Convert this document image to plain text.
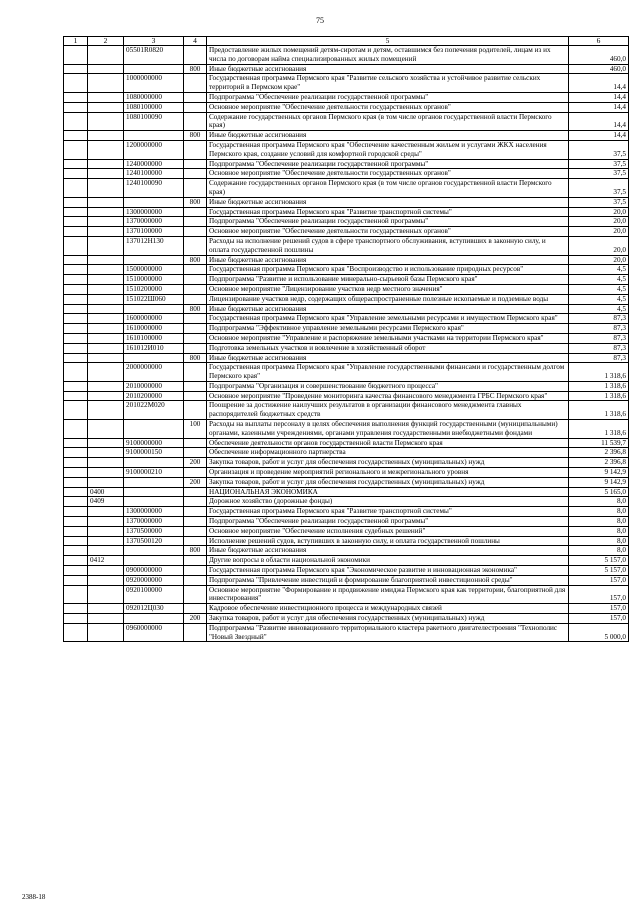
75
1	2	3	4	5	6
		05501R0820		Предоставление жилых помещений детям-сиротам и детям, оставшимся без попечения родителей, лицам из их числа по договорам найма специализированных жилых помещений	460,0
			800	Иные бюджетные ассигнования	460,0
		1000000000		Государственная программа Пермского края "Развитие сельского хозяйства и устойчивое развитие сельских территорий в Пермском крае"	14,4
		1080000000		Подпрограмма "Обеспечение реализации государственной программы"	14,4
		1080100000		Основное мероприятие "Обеспечение деятельности государственных органов"	14,4
		1080100090		Содержание государственных органов Пермского края (в том числе органов государственной власти Пермского края)	14,4
			800	Иные бюджетные ассигнования	14,4
		1200000000		Государственная программа Пермского края "Обеспечение качественным жильем и услугами ЖКХ населения Пермского края, создание условий для комфортной городской среды"	37,5
		1240000000		Подпрограмма "Обеспечение реализации государственной программы"	37,5
		1240100000		Основное мероприятие "Обеспечение деятельности государственных органов"	37,5
		1240100090		Содержание государственных органов Пермского края (в том числе органов государственной власти Пермского края)	37,5
			800	Иные бюджетные ассигнования	37,5
		1300000000		Государственная программа Пермского края "Развитие транспортной системы"	20,0
		1370000000		Подпрограмма "Обеспечение реализации государственной программы"	20,0
		1370100000		Основное мероприятие "Обеспечение деятельности государственных органов"	20,0
		137012Н130		Расходы на исполнение решений судов в сфере транспортного обслуживания, вступивших в законную силу, и оплата государственной пошлины	20,0
			800	Иные бюджетные ассигнования	20,0
		1500000000		Государственная программа Пермского края "Воспроизводство и использование природных ресурсов"	4,5
		1510000000		Подпрограмма "Развитие и использование минерально-сырьевой базы Пермского края"	4,5
		1510200000		Основное мероприятие "Лицензирование участков недр местного значения"	4,5
		151022Ш060		Лицензирование участков недр, содержащих общераспространенные полезные ископаемые и подземные воды	4,5
			800	Иные бюджетные ассигнования	4,5
		1600000000		Государственная программа Пермского края "Управление земельными ресурсами и имуществом Пермского края"	87,3
		1610000000		Подпрограмма "Эффективное управление земельными ресурсами Пермского края"	87,3
		1610100000		Основное мероприятие "Управление и распоряжение земельными участками на территории Пермского края"	87,3
		161012И010		Подготовка земельных участков и вовлечение в хозяйственный оборот	87,3
			800	Иные бюджетные ассигнования	87,3
		2000000000		Государственная программа Пермского края "Управление государственными финансами и государственным долгом Пермского края"	1 318,6
		2010000000		Подпрограмма "Организация и совершенствование бюджетного процесса"	1 318,6
		2010200000		Основное мероприятие "Проведение мониторинга качества финансового менеджмента ГРБС Пермского края"	1 318,6
		201022М020		Поощрение за достижение наилучших результатов в организации финансового менеджмента главных распорядителей бюджетных средств	1 318,6
			100	Расходы на выплаты персоналу в целях обеспечения выполнения функций государственными (муниципальными) органами, казенными учреждениями, органами управления государственными внебюджетными фондами	1 318,6
		9100000000		Обеспечение деятельности органов государственной власти Пермского края	11 539,7
		9100000150		Обеспечение информационного партнерства	2 396,8
			200	Закупка товаров, работ и услуг для обеспечения государственных (муниципальных) нужд	2 396,8
		9100000210		Организация и проведение мероприятий регионального и межрегионального уровня	9 142,9
			200	Закупка товаров, работ и услуг для обеспечения государственных (муниципальных) нужд	9 142,9
	0400			НАЦИОНАЛЬНАЯ ЭКОНОМИКА	5 165,0
	0409			Дорожное хозяйство (дорожные фонды)	8,0
		1300000000		Государственная программа Пермского края "Развитие транспортной системы"	8,0
		1370000000		Подпрограмма "Обеспечение реализации государственной программы"	8,0
		1370500000		Основное мероприятие "Обеспечение исполнения судебных решений"	8,0
		1370500120		Исполнение решений судов, вступивших в законную силу, и оплата государственной пошлины	8,0
			800	Иные бюджетные ассигнования	8,0
	0412			Другие вопросы в области национальной экономики	5 157,0
		0900000000		Государственная программа Пермского края "Экономическое развитие и инновационная экономика"	5 157,0
		0920000000		Подпрограмма "Привлечение инвестиций и формирование благоприятной инвестиционной среды"	157,0
		0920100000		Основное мероприятие "Формирование и продвижение имиджа Пермского края как территории, благоприятной для инвестирования"	157,0
		092012Ц030		Кадровое обеспечение инвестиционного процесса и международных связей	157,0
			200	Закупка товаров, работ и услуг для обеспечения государственных (муниципальных) нужд	157,0
		0960000000		Подпрограмма "Развитие инновационного территориального кластера ракетного двигателестроения "Технополис "Новый Звездный"	5 000,0
2388-18
